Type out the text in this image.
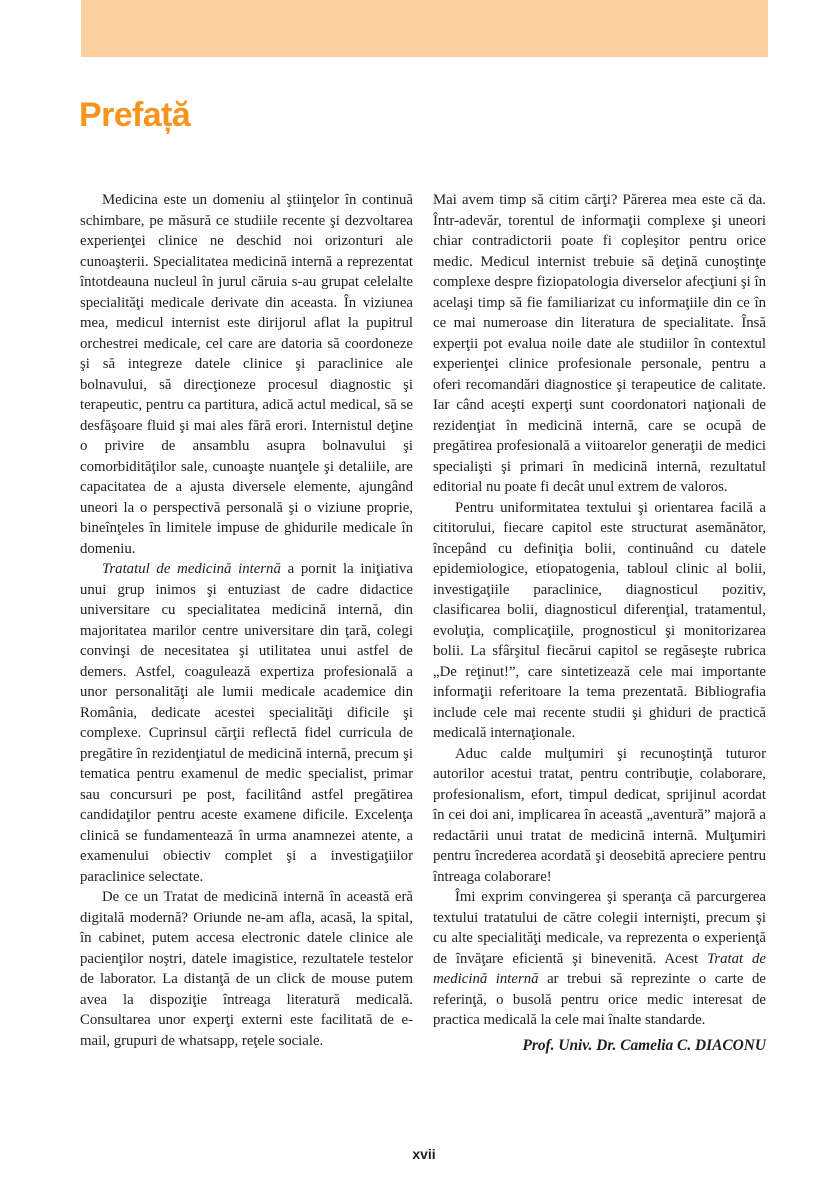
Prefață

Medicina este un domeniu al ştiinţelor în continuă schimbare, pe măsură ce studiile recente şi dezvoltarea experienţei clinice ne deschid noi orizonturi ale cunoaşterii. Specialitatea medicină internă a reprezentat întotdeauna nucleul în jurul căruia s-au grupat celelalte specialităţi medicale derivate din aceasta. În viziunea mea, medicul internist este dirijorul aflat la pupitrul orchestrei medicale, cel care are datoria să coordoneze şi să integreze datele clinice şi paraclinice ale bolnavului, să direcţioneze procesul diagnostic şi terapeutic, pentru ca partitura, adică actul medical, să se desfăşoare fluid şi mai ales fără erori. Internistul deţine o privire de ansamblu asupra bolnavului şi comorbidităţilor sale, cunoaşte nuanţele şi detaliile, are capacitatea de a ajusta diversele elemente, ajungând uneori la o perspectivă personală şi o viziune proprie, bineînţeles în limitele impuse de ghidurile medicale în domeniu.

Tratatul de medicină internă a pornit la iniţiativa unui grup inimos şi entuziast de cadre didactice universitare cu specialitatea medicină internă, din majoritatea marilor centre universitare din ţară, colegi convinşi de necesitatea şi utilitatea unui astfel de demers. Astfel, coagulează expertiza profesională a unor personalităţi ale lumii medicale academice din România, dedicate acestei specialităţi dificile şi complexe. Cuprinsul cărţii reflectă fidel curricula de pregătire în rezidenţiatul de medicină internă, precum şi tematica pentru examenul de medic specialist, primar sau concursuri pe post, facilitând astfel pregătirea candidaţilor pentru aceste examene dificile. Excelenţa clinică se fundamentează în urma anamnezei atente, a examenului obiectiv complet şi a investigaţiilor paraclinice selectate.

De ce un Tratat de medicină internă în această eră digitală modernă? Oriunde ne-am afla, acasă, la spital, în cabinet, putem accesa electronic datele clinice ale pacienţilor noştri, datele imagistice, rezultatele testelor de laborator. La distanţă de un click de mouse putem avea la dispoziţie întreaga literatură medicală. Consultarea unor experţi externi este facilitată de e-mail, grupuri de whatsapp, reţele sociale.

Mai avem timp să citim cărţi? Părerea mea este că da. Într-adevăr, torentul de informaţii complexe şi uneori chiar contradictorii poate fi copleşitor pentru orice medic. Medicul internist trebuie să deţină cunoştinţe complexe despre fiziopatologia diverselor afecţiuni şi în acelaşi timp să fie familiarizat cu informaţiile din ce în ce mai numeroase din literatura de specialitate. Însă experţii pot evalua noile date ale studiilor în contextul experienţei clinice profesionale personale, pentru a oferi recomandări diagnostice şi terapeutice de calitate. Iar când aceşti experţi sunt coordonatori naţionali de rezidenţiat în medicină internă, care se ocupă de pregătirea profesională a viitoarelor generaţii de medici specialişti şi primari în medicină internă, rezultatul editorial nu poate fi decât unul extrem de valoros.

Pentru uniformitatea textului şi orientarea facilă a cititorului, fiecare capitol este structurat asemănător, începând cu definiţia bolii, continuând cu datele epidemiologice, etiopatogenia, tabloul clinic al bolii, investigaţiile paraclinice, diagnosticul pozitiv, clasificarea bolii, diagnosticul diferenţial, tratamentul, evoluţia, complicaţiile, prognosticul şi monitorizarea bolii. La sfârşitul fiecărui capitol se regăseşte rubrica „De reţinut!”, care sintetizează cele mai importante informaţii referitoare la tema prezentată. Bibliografia include cele mai recente studii şi ghiduri de practică medicală internaţionale.

Aduc calde mulţumiri şi recunoştinţă tuturor autorilor acestui tratat, pentru contribuţie, colaborare, profesionalism, efort, timpul dedicat, sprijinul acordat în cei doi ani, implicarea în această „aventură” majoră a redactării unui tratat de medicină internă. Mulţumiri pentru încrederea acordată şi deosebită apreciere pentru întreaga colaborare!

Îmi exprim convingerea şi speranţa că parcurgerea textului tratatului de către colegii internişti, precum şi cu alte specialităţi medicale, va reprezenta o experienţă de învăţare eficientă şi binevenită. Acest Tratat de medicină internă ar trebui să reprezinte o carte de referinţă, o busolă pentru orice medic interesat de practica medicală la cele mai înalte standarde.

Prof. Univ. Dr. Camelia C. DIACONU

xvii
